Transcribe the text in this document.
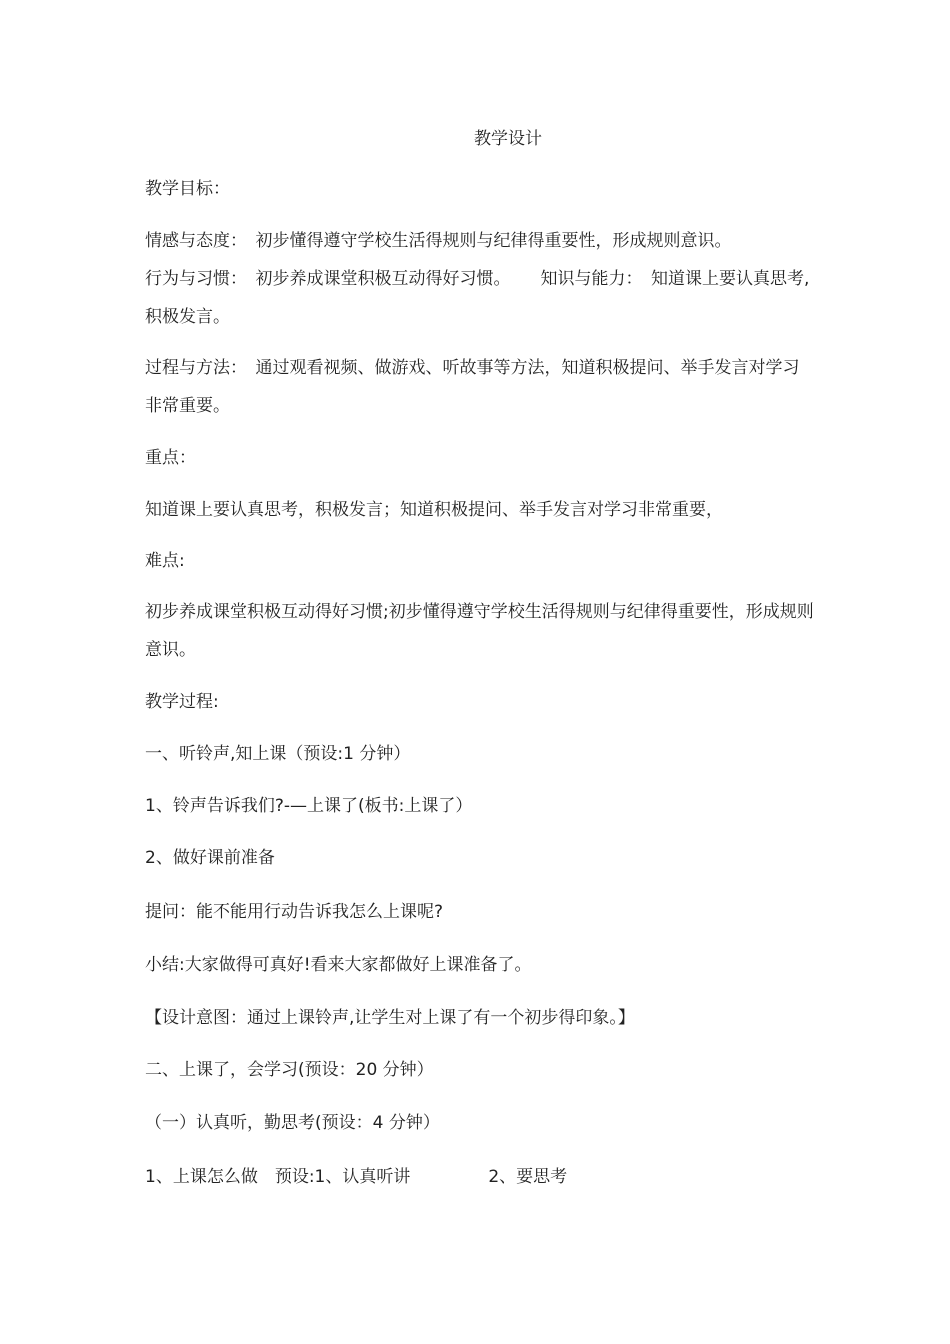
教学设计

教学目标：

情感与态度：　初步懂得遵守学校生活得规则与纪律得重要性，形成规则意识。

行为与习惯：　初步养成课堂积极互动得好习惯。 知识与能力：　知道课上要认真思考,积极发言。

过程与方法：　通过观看视频、做游戏、听故事等方法，知道积极提问、举手发言对学习非常重要。

重点：

知道课上要认真思考，积极发言；知道积极提问、举手发言对学习非常重要，

难点:

初步养成课堂积极互动得好习惯;初步懂得遵守学校生活得规则与纪律得重要性，形成规则意识。

教学过程:

一、听铃声,知上课（预设:1 分钟）

1、铃声告诉我们?-—上课了(板书:上课了）

2、做好课前准备

提问：能不能用行动告诉我怎么上课呢?

小结:大家做得可真好!看来大家都做好上课准备了。

【设计意图：通过上课铃声,让学生对上课了有一个初步得印象。】

二、上课了，会学习(预设：20 分钟）

（一）认真听，勤思考(预设：4 分钟）

1、上课怎么做　预设:1、认真听讲	2、要思考
